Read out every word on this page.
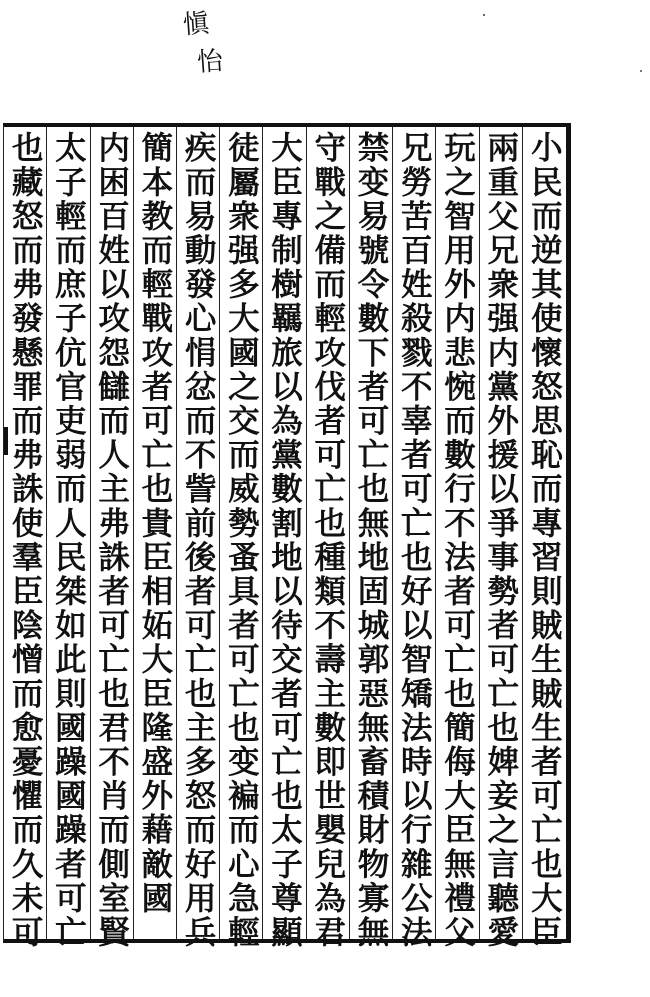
愼
怡
小民而逆其使懷怒思恥而專習則賊生賊生者可亡也大臣
兩重父兄衆强内黨外援以爭事勢者可亡也婢妾之言聽愛
玩之智用外内悲惋而數行不法者可亡也簡侮大臣無禮父
兄勞苦百姓殺戮不辜者可亡也好以智矯法時以行雜公法
禁变易號令數下者可亡也無地固城郭惡無畜積財物寡無
守戰之備而輕攻伐者可亡也種類不壽主數即世嬰兒為君
大臣專制樹羈旅以為黨數割地以待交者可亡也太子尊顯
徒屬衆强多大國之交而威勢蚤具者可亡也变褊而心急輕
疾而易動發心悁忿而不訾前後者可亡也主多怒而好用兵
簡本教而輕戰攻者可亡也貴臣相妬大臣隆盛外藉敵國
内困百姓以攻怨讎而人主弗誅者可亡也君不肖而側室賢
太子輕而庶子伉官吏弱而人民桀如此則國躁國躁者可亡
也藏怒而弗發懸罪而弗誅使羣臣陰憎而愈憂懼而久未可
